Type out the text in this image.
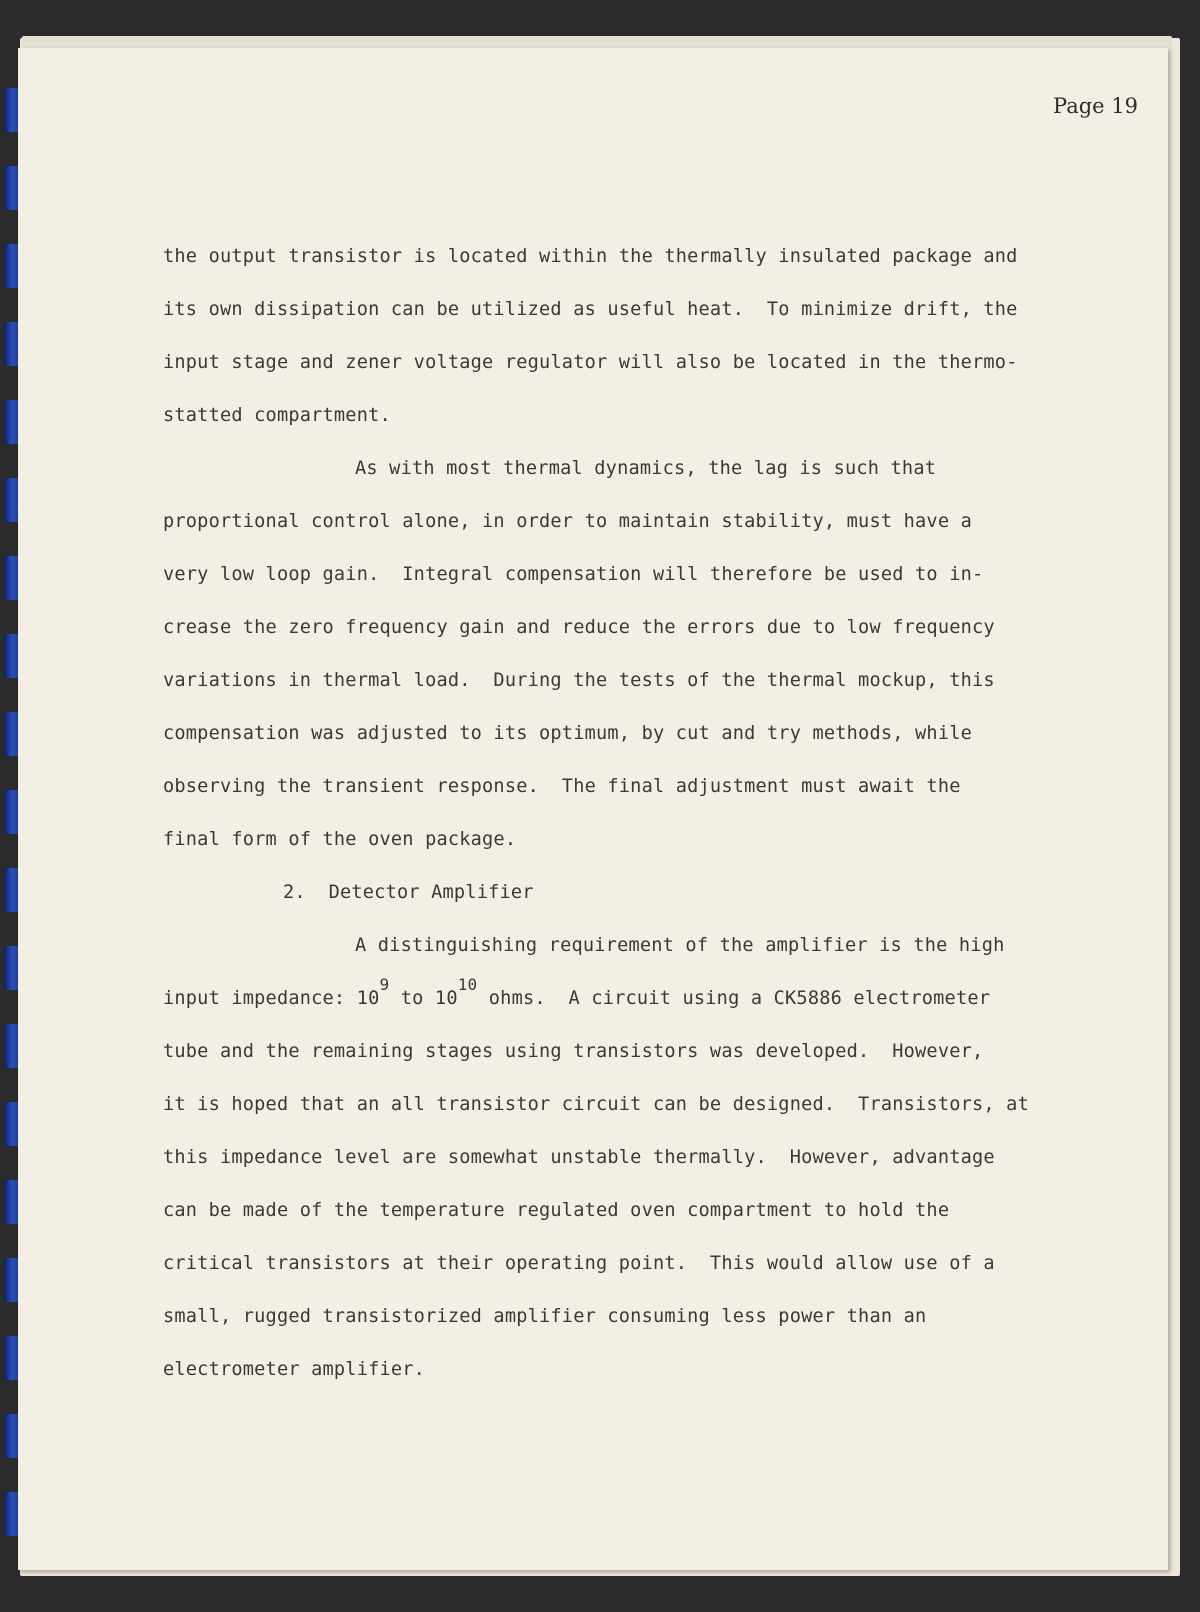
Page 19
the output transistor is located within the thermally insulated package and
its own dissipation can be utilized as useful heat.  To minimize drift, the
input stage and zener voltage regulator will also be located in the thermo-
statted compartment.
As with most thermal dynamics, the lag is such that
proportional control alone, in order to maintain stability, must have a
very low loop gain.  Integral compensation will therefore be used to in-
crease the zero frequency gain and reduce the errors due to low frequency
variations in thermal load.  During the tests of the thermal mockup, this
compensation was adjusted to its optimum, by cut and try methods, while
observing the transient response.  The final adjustment must await the
final form of the oven package.
2. Detector Amplifier
A distinguishing requirement of the amplifier is the high
input impedance: 109 to 1010 ohms.  A circuit using a CK5886 electrometer
tube and the remaining stages using transistors was developed.  However,
it is hoped that an all transistor circuit can be designed.  Transistors, at
this impedance level are somewhat unstable thermally.  However, advantage
can be made of the temperature regulated oven compartment to hold the
critical transistors at their operating point.  This would allow use of a
small, rugged transistorized amplifier consuming less power than an
electrometer amplifier.
